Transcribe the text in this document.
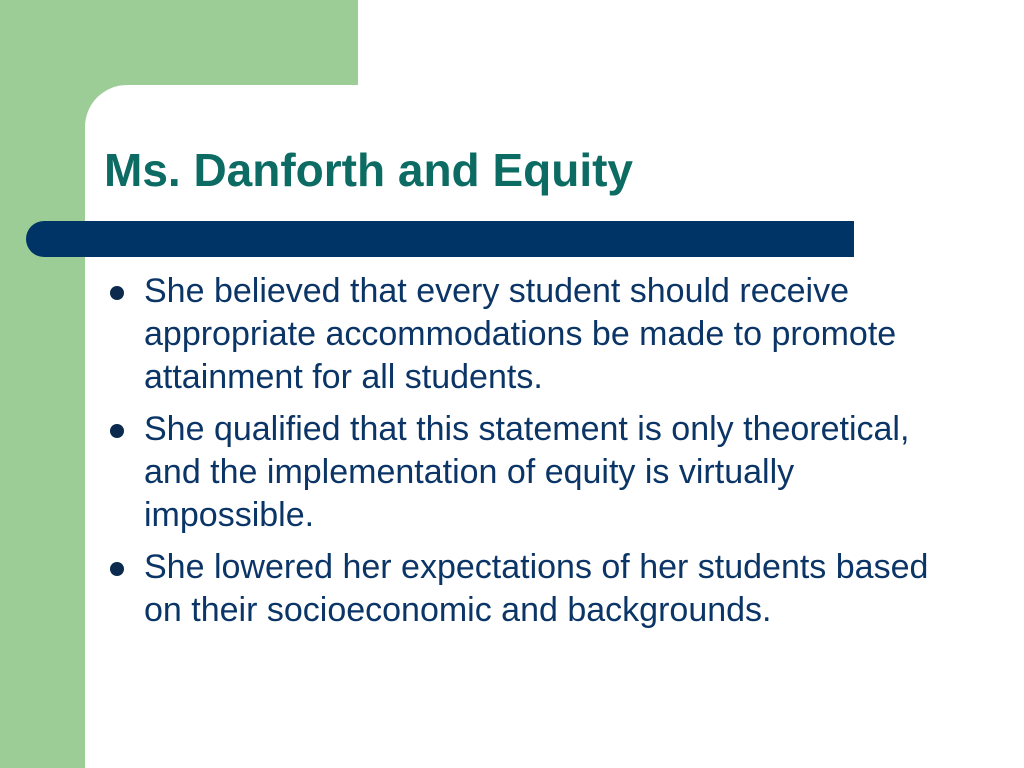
Ms. Danforth and Equity
She believed that every student should receive appropriate accommodations be made to promote attainment for all students.
She qualified that this statement is only theoretical, and the implementation of equity is virtually impossible.
She lowered her expectations of her students based on their socioeconomic and backgrounds.
